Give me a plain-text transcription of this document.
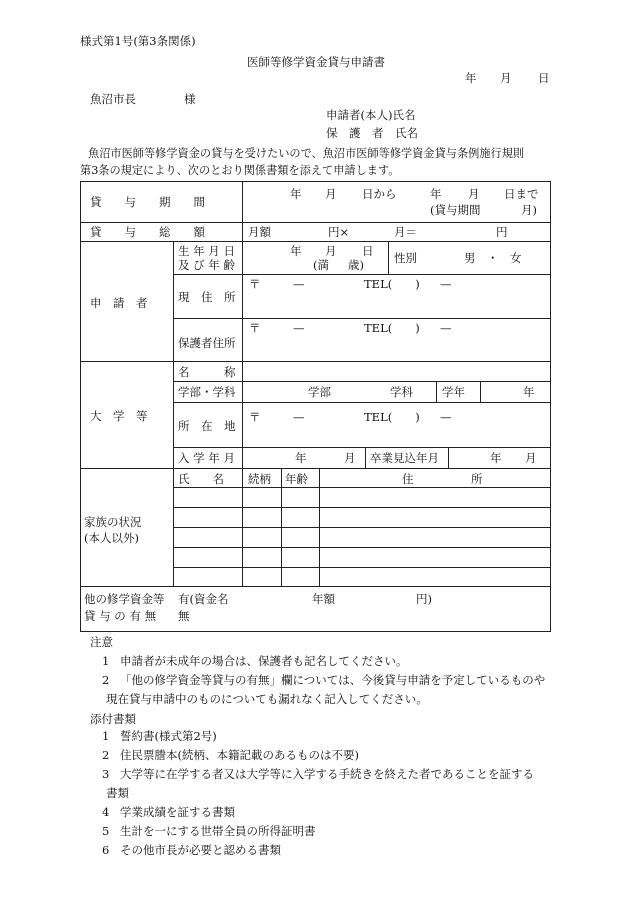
様式第1号(第3条関係)
医師等修学資金貸与申請書
年 月 日
魚沼市長	様
申請者(本人)氏名
保　護　者　氏名
魚沼市医師等修学資金の貸与を受けたいので、魚沼市医師等修学資金貸与条例施行規則
第3条の規定により、次のとおり関係書類を添えて申請します。
貸　　与　　期　　間
年 月 日から	年 月 日まで
(貸与期間	月)
貸　　与　　総　　額	月額	円×	月＝	円
申　請　者
生 年 月 日
及 び 年 齢
年 月 日
(満 歳)	性別	男　・　女
現　住　所
〒	—	TEL(　　) —
保護者住所
〒	—	TEL(　　) —
大　学　等
名　　　称
学部・学科	学部	学科	学年	年
所　在　地
〒	—	TEL(　　) —
入 学 年 月	年	月 卒業見込年月	年 月
家族の状況
(本人以外)
氏　　名 続柄 年齢	住　　　　　所
他の修学資金等
貸 与 の 有 無
有(資金名	年額	円)
無
注意
1 申請者が未成年の場合は、保護者も記名してください。
2 「他の修学資金等貸与の有無」欄については、今後貸与申請を予定しているものや
現在貸与申請中のものについても漏れなく記入してください。
添付書類
1 誓約書(様式第2号)
2 住民票謄本(続柄、本籍記載のあるものは不要)
3 大学等に在学する者又は大学等に入学する手続きを終えた者であることを証する
書類
4 学業成績を証する書類
5 生計を一にする世帯全員の所得証明書
6 その他市長が必要と認める書類
